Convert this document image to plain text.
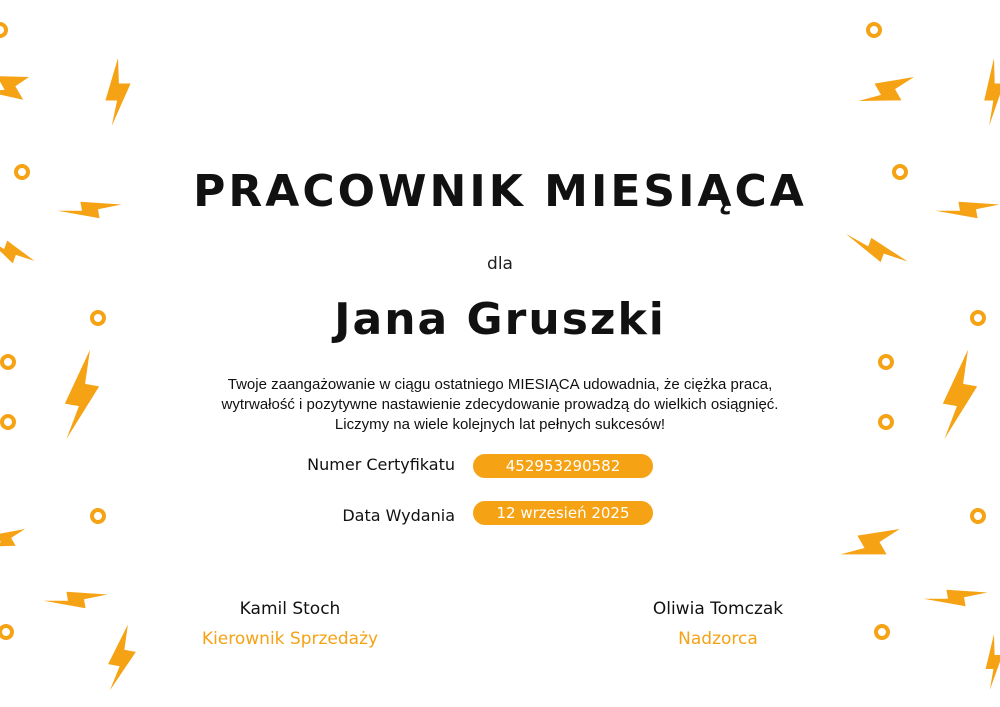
PRACOWNIK MIESIĄCA
dla
Jana Gruszki
Twoje zaangażowanie w ciągu ostatniego MIESIĄCA udowadnia, że ciężka praca,
wytrwałość i pozytywne nastawienie zdecydowanie prowadzą do wielkich osiągnięć.
Liczymy na wiele kolejnych lat pełnych sukcesów!
Numer Certyfikatu	452953290582
Data Wydania	12 wrzesień 2025
Kamil Stoch
Kierownik Sprzedaży
Oliwia Tomczak
Nadzorca
